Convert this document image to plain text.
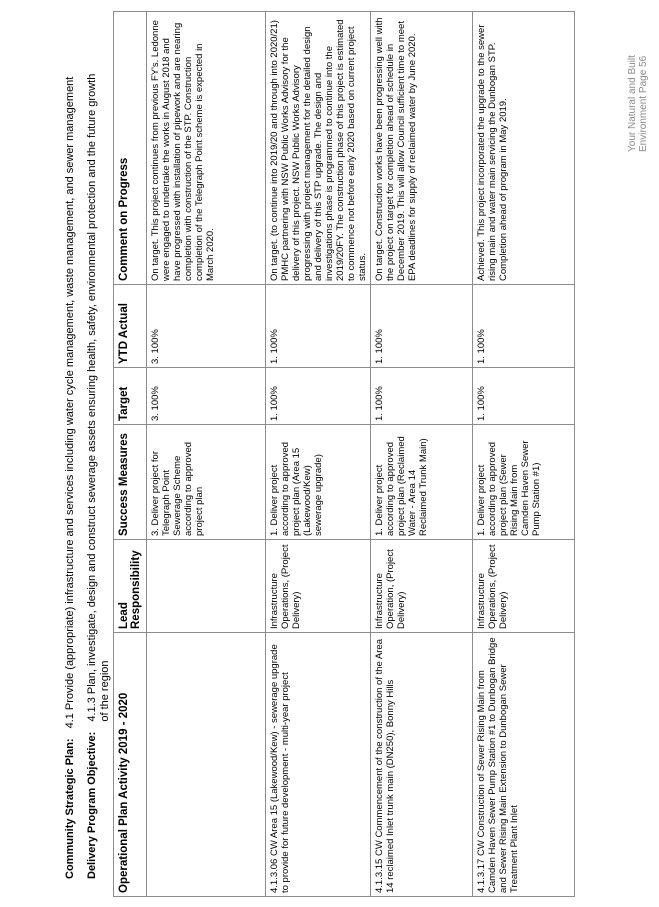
Community Strategic Plan:4.1 Provide (appropriate) infrastructure and services including water cycle management, waste management, and sewer management
Delivery Program Objective:4.1.3 Plan, investigate, design and construct sewerage assets ensuring health, safety, environmental protection and the future growth of the region
Operational Plan Activity 2019 - 2020	Lead Responsibility	Success Measures	Target	YTD Actual	Comment on Progress
		3. Deliver project for Telegraph Point Sewerage Scheme according to approved project plan	3. 100%	3. 100%	On target. This project continues from previous FY's. Ledonne were engaged to undertake the works in August 2018 and have progressed with installation of pipework and are nearing completion with construction of the STP. Construction completion of the Telegraph Point scheme is expected in March 2020.
4.1.3.06 CW Area 15 (Lakewood/Kew) - sewerage upgrade to provide for future development - multi-year project	Infrastructure Operations, (Project Delivery)	1. Deliver project according to approved project plan (Area 15 (Lakewood/Kew) sewerage upgrade)	1. 100%	1. 100%	On target. (to continue into 2019/20 and through into 2020/21) PMHC partnering with NSW Public Works Advisory for the delivery of this project. NSW Public Works Advisory progressing with project management for the detailed design and delivery of this STP upgrade. The design and investigations phase is programmed to continue into the 2019/20FY. The construction phase of this project is estimated to commence not before early 2020 based on current project status.
4.1.3.15 CW Commencement of the construction of the Area 14 reclaimed Inlet trunk main (DN250), Bonny Hills	Infrastructure Operation, (Project Delivery)	1. Deliver project according to approved project plan (Reclaimed Water - Area 14 Reclaimed Trunk Main)	1. 100%	1. 100%	On target. Construction works have been progressing well with the project on target for completion ahead of schedule in December 2019. This will allow Council sufficient time to meet EPA deadlines for supply of reclaimed water by June 2020.
4.1.3.17 CW Construction of Sewer Rising Main from Camden Haven Sewer Pump Station #1 to Dunbogan Bridge and Sewer Rising Main Extension to Dunbogan Sewer Treatment Plant Inlet	Infrastructure Operations, (Project Delivery)	1. Deliver project according to approved project plan (Sewer Rising Main from Camden Haven Sewer Pump Station #1)	1. 100%	1. 100%	Achieved. This project incorporated the upgrade to the sewer rising main and water main servicing the Dunbogan STP. Completion ahead of program in May 2019.	Your Natural and Built Environment Page 56
